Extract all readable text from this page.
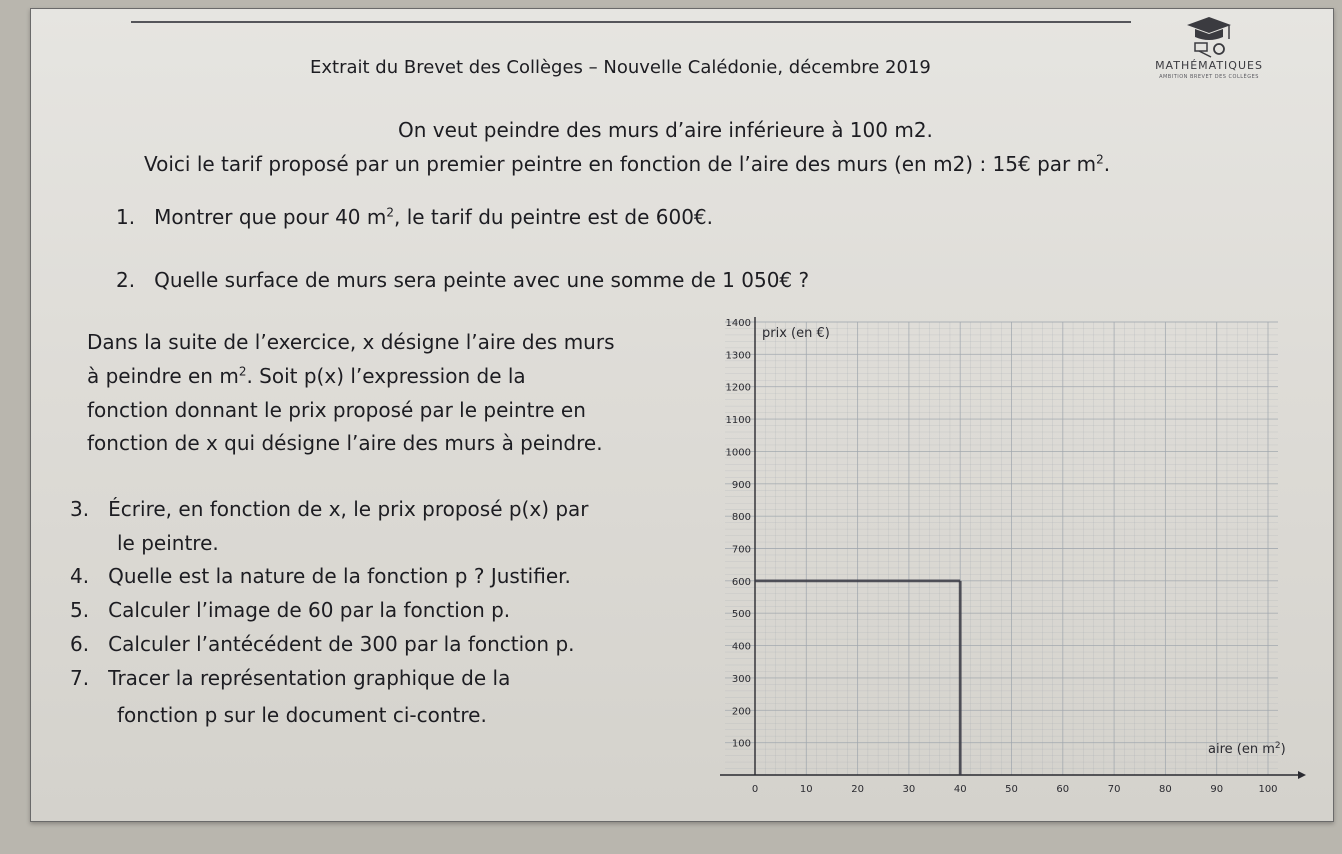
MATHÉMATIQUES
AMBITION BREVET DES COLLÈGES
Extrait du Brevet des Collèges – Nouvelle Calédonie, décembre 2019
On veut peindre des murs d’aire inférieure à 100 m2.
Voici le tarif proposé par un premier peintre en fonction de l’aire des murs (en m2) : 15€ par $m^2$.
1. Montrer que pour 40 $m^2$, le tarif du peintre est de 600€.
2. Quelle surface de murs sera peinte avec une somme de 1 050€ ?
Dans la suite de l’exercice, x désigne l’aire des murs
à peindre en $m^2$. Soit p(x) l’expression de la
fonction donnant le prix proposé par le peintre en
fonction de x qui désigne l’aire des murs à peindre.
3. Écrire, en fonction de x, le prix proposé p(x) par
le peintre.
4. Quelle est la nature de la fonction p ? Justifier.
5. Calculer l’image de 60 par la fonction p.
6. Calculer l’antécédent de 300 par la fonction p.
7. Tracer la représentation graphique de la
fonction p sur le document ci-contre.
0	10	20	30	40	50	60	70	80	90	100
100
200
300
400
500
600
700
800
900
1000
1100
1200
1300
1400
prix (en €)
aire (en $m^2$)
